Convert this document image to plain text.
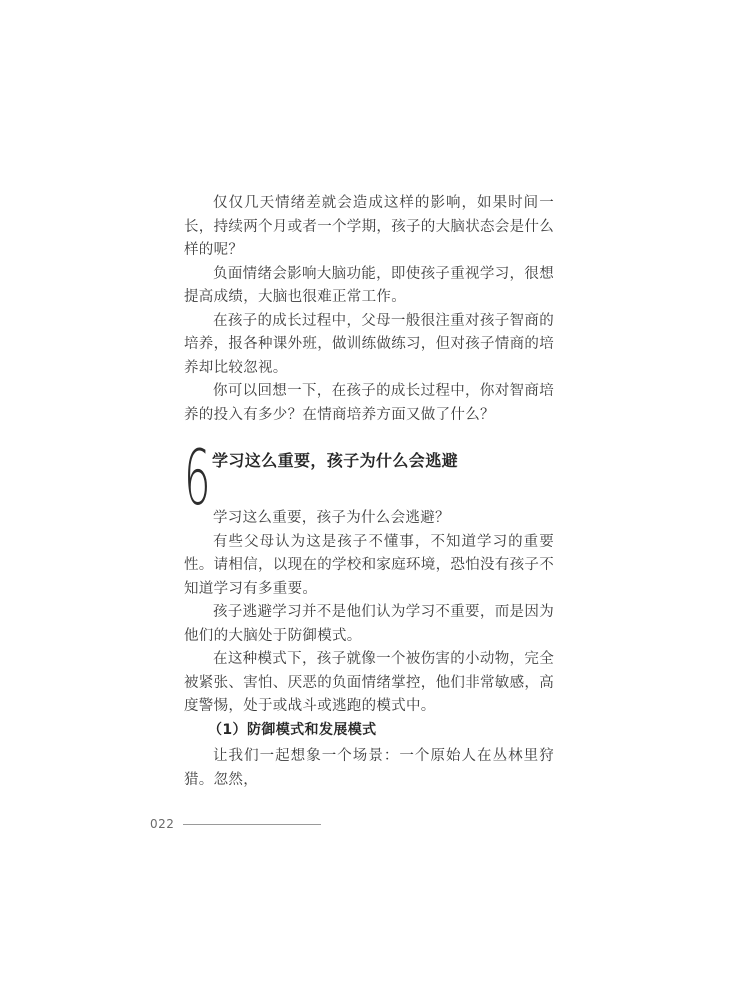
仅仅几天情绪差就会造成这样的影响，如果时间一长，持续两个月或者一个学期，孩子的大脑状态会是什么样的呢？

负面情绪会影响大脑功能，即使孩子重视学习，很想提高成绩，大脑也很难正常工作。

在孩子的成长过程中，父母一般很注重对孩子智商的培养，报各种课外班，做训练做练习，但对孩子情商的培养却比较忽视。

你可以回想一下，在孩子的成长过程中，你对智商培养的投入有多少？在情商培养方面又做了什么？

6 学习这么重要，孩子为什么会逃避

学习这么重要，孩子为什么会逃避？

有些父母认为这是孩子不懂事，不知道学习的重要性。请相信，以现在的学校和家庭环境，恐怕没有孩子不知道学习有多重要。

孩子逃避学习并不是他们认为学习不重要，而是因为他们的大脑处于防御模式。

在这种模式下，孩子就像一个被伤害的小动物，完全被紧张、害怕、厌恶的负面情绪掌控，他们非常敏感，高度警惕，处于或战斗或逃跑的模式中。

（1）防御模式和发展模式

让我们一起想象一个场景：一个原始人在丛林里狩猎。忽然，

022
